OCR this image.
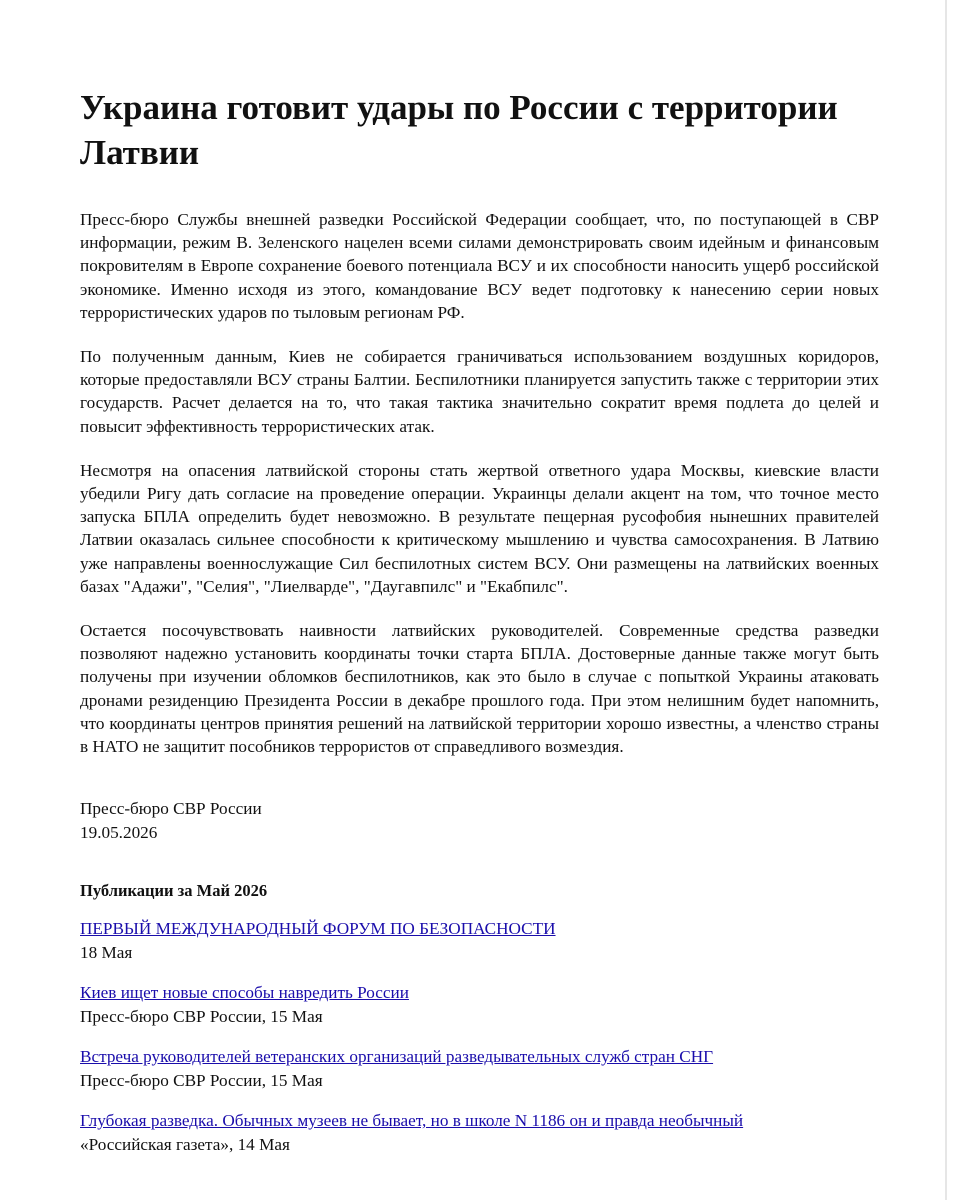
Украина готовит удары по России с территории Латвии

Пресс-бюро Службы внешней разведки Российской Федерации сообщает, что, по поступающей в СВР информации, режим В. Зеленского нацелен всеми силами демонстрировать своим идейным и финансовым покровителям в Европе сохранение боевого потенциала ВСУ и их способности наносить ущерб российской экономике. Именно исходя из этого, командование ВСУ ведет подготовку к нанесению серии новых террористических ударов по тыловым регионам РФ.

По полученным данным, Киев не собирается граничиваться использованием воздушных коридоров, которые предоставляли ВСУ страны Балтии. Беспилотники планируется запустить также с территории этих государств. Расчет делается на то, что такая тактика значительно сократит время подлета до целей и повысит эффективность террористических атак.

Несмотря на опасения латвийской стороны стать жертвой ответного удара Москвы, киевские власти убедили Ригу дать согласие на проведение операции. Украинцы делали акцент на том, что точное место запуска БПЛА определить будет невозможно. В результате пещерная русофобия нынешних правителей Латвии оказалась сильнее способности к критическому мышлению и чувства самосохранения. В Латвию уже направлены военнослужащие Сил беспилотных систем ВСУ. Они размещены на латвийских военных базах "Адажи", "Селия", "Лиелварде", "Даугавпилс" и "Екабпилс".

Остается посочувствовать наивности латвийских руководителей. Современные средства разведки позволяют надежно установить координаты точки старта БПЛА. Достоверные данные также могут быть получены при изучении обломков беспилотников, как это было в случае с попыткой Украины атаковать дронами резиденцию Президента России в декабре прошлого года. При этом нелишним будет напомнить, что координаты центров принятия решений на латвийской территории хорошо известны, а членство страны в НАТО не защитит пособников террористов от справедливого возмездия.

Пресс-бюро СВР России
19.05.2026
Публикации за Май 2026
ПЕРВЫЙ МЕЖДУНАРОДНЫЙ ФОРУМ ПО БЕЗОПАСНОСТИ
18 Мая
Киев ищет новые способы навредить России
Пресс-бюро СВР России, 15 Мая
Встреча руководителей ветеранских организаций разведывательных служб стран СНГ
Пресс-бюро СВР России, 15 Мая
Глубокая разведка. Обычных музеев не бывает, но в школе N 1186 он и правда необычный
«Российская газета», 14 Мая
